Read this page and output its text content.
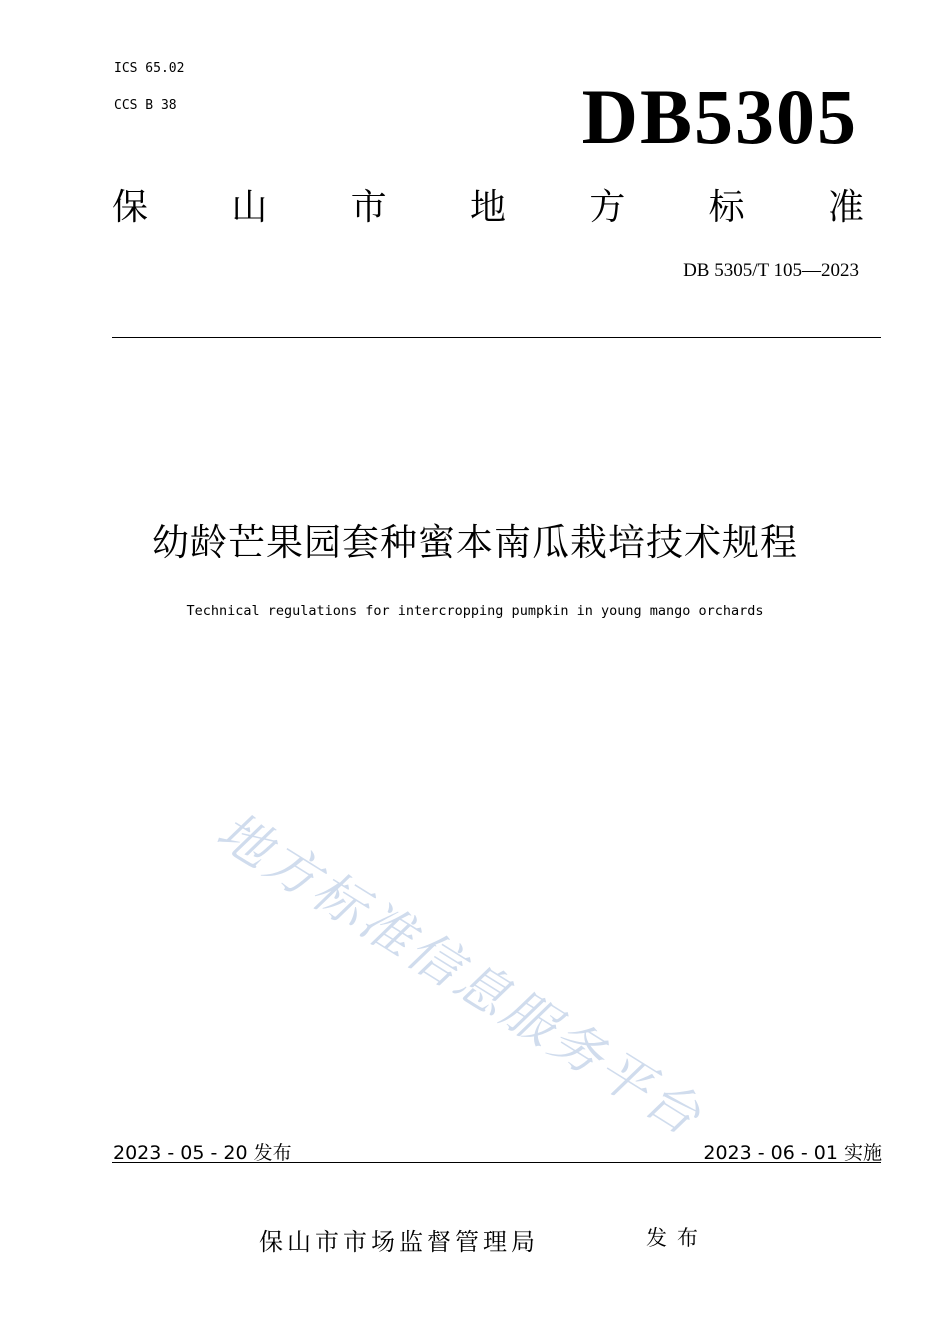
ICS 65.02
CCS B 38	DB5305
保 山 市 地 方 标 准
DB 5305/T 105—2023
幼龄芒果园套种蜜本南瓜栽培技术规程
Technical regulations for intercropping pumpkin in young mango orchards
地方标准信息服务平台
2023 - 05 - 20 发布	2023 - 06 - 01 实施
保山市市场监督管理局	发布
